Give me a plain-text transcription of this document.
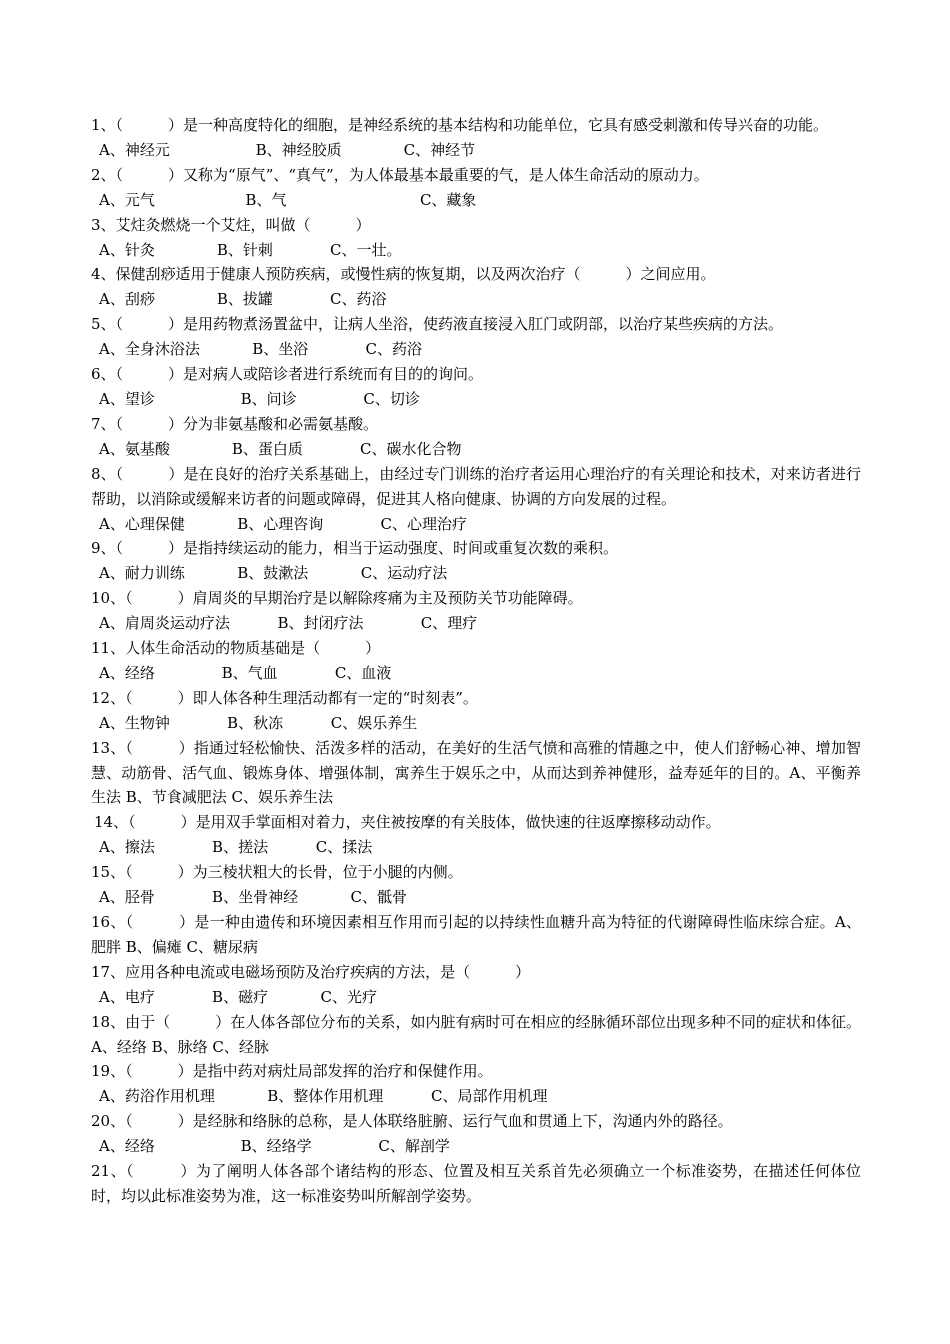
1、（　　　）是一种高度特化的细胞，是神经系统的基本结构和功能单位，它具有感受刺激和传导兴奋的功能。
A、神经元                  B、神经胶质             C、神经节
2、（　　　）又称为“原气”、“真气”，为人体最基本最重要的气，是人体生命活动的原动力。
A、元气                   B、气                            C、藏象
3、艾炷灸燃烧一个艾炷，叫做（　　　）
A、针灸             B、针刺            C、一壮。
4、保健刮痧适用于健康人预防疾病，或慢性病的恢复期，以及两次治疗（　　　）之间应用。
A、刮痧             B、拔罐            C、药浴
5、（　　　）是用药物煮汤置盆中，让病人坐浴，使药液直接浸入肛门或阴部，以治疗某些疾病的方法。
A、全身沐浴法           B、坐浴            C、药浴
6、（　　　）是对病人或陪诊者进行系统而有目的的询问。
A、望诊                  B、问诊              C、切诊
7、（　　　）分为非氨基酸和必需氨基酸。
A、氨基酸             B、蛋白质            C、碳水化合物
8、（　　　）是在良好的治疗关系基础上，由经过专门训练的治疗者运用心理治疗的有关理论和技术，对来访者进行帮助，以消除或缓解来访者的问题或障碍，促进其人格向健康、协调的方向发展的过程。
A、心理保健           B、心理咨询            C、心理治疗
9、（　　　）是指持续运动的能力，相当于运动强度、时间或重复次数的乘积。
A、耐力训练           B、鼓漱法           C、运动疗法
10、（　　　）肩周炎的早期治疗是以解除疼痛为主及预防关节功能障碍。
A、肩周炎运动疗法          B、封闭疗法            C、理疗
11、人体生命活动的物质基础是（　　　）
A、经络              B、气血            C、血液
12、（　　　）即人体各种生理活动都有一定的“时刻表”。
A、生物钟            B、秋冻          C、娱乐养生
13、（　　　）指通过轻松愉快、活泼多样的活动，在美好的生活气愤和高雅的情趣之中，使人们舒畅心神、增加智慧、动筋骨、活气血、锻炼身体、增强体制，寓养生于娱乐之中，从而达到养神健形，益寿延年的目的。A、平衡养生法 B、节食减肥法 C、娱乐养生法
14、（　　　）是用双手掌面相对着力，夹住被按摩的有关肢体，做快速的往返摩擦移动动作。
A、擦法            B、搓法          C、揉法
15、（　　　）为三棱状粗大的长骨，位于小腿的内侧。
A、胫骨            B、坐骨神经           C、骶骨
16、（　　　）是一种由遗传和环境因素相互作用而引起的以持续性血糖升高为特征的代谢障碍性临床综合症。A、肥胖 B、偏瘫 C、糖尿病
17、应用各种电流或电磁场预防及治疗疾病的方法，是（　　　）
A、电疗            B、磁疗           C、光疗
18、由于（　　　）在人体各部位分布的关系，如内脏有病时可在相应的经脉循环部位出现多种不同的症状和体征。A、经络 B、脉络 C、经脉
19、（　　　）是指中药对病灶局部发挥的治疗和保健作用。
A、药浴作用机理           B、整体作用机理          C、局部作用机理
20、（　　　）是经脉和络脉的总称，是人体联络脏腑、运行气血和贯通上下，沟通内外的路径。
A、经络                  B、经络学              C、解剖学
21、（　　　）为了阐明人体各部个诸结构的形态、位置及相互关系首先必须确立一个标准姿势，在描述任何体位时，均以此标准姿势为准，这一标准姿势叫所解剖学姿势。
